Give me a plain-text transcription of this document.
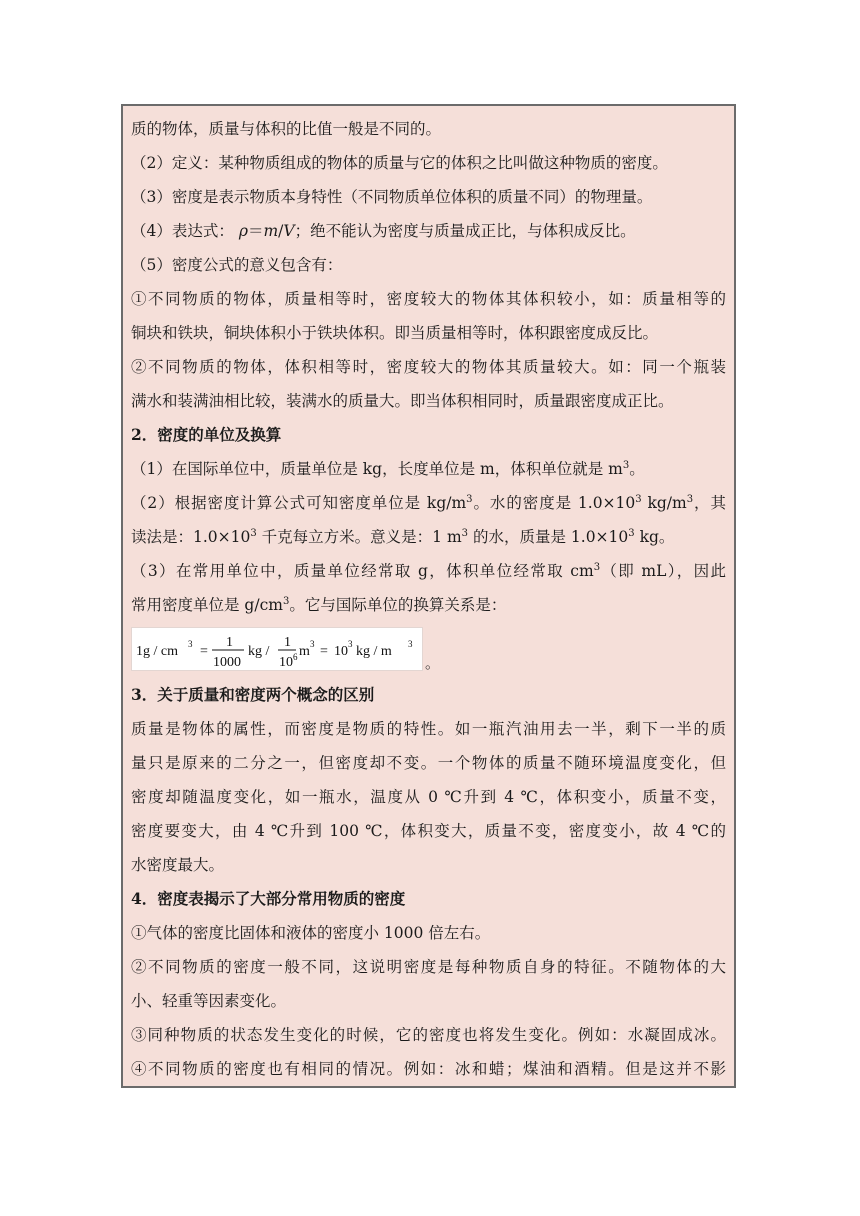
质的物体，质量与体积的比值一般是不同的。
（2）定义：某种物质组成的物体的质量与它的体积之比叫做这种物质的密度。
（3）密度是表示物质本身特性（不同物质单位体积的质量不同）的物理量。
（4）表达式： ρ＝m/V；绝不能认为密度与质量成正比，与体积成反比。
（5）密度公式的意义包含有：
①不同物质的物体，质量相等时，密度较大的物体其体积较小，如：质量相等的
铜块和铁块，铜块体积小于铁块体积。即当质量相等时，体积跟密度成反比。
②不同物质的物体，体积相等时，密度较大的物体其质量较大。如：同一个瓶装
满水和装满油相比较，装满水的质量大。即当体积相同时，质量跟密度成正比。
2．密度的单位及换算
（1）在国际单位中，质量单位是 kg，长度单位是 m，体积单位就是 $m^3$。
（2）根据密度计算公式可知密度单位是 $kg/m^3$。水的密度是 $1.0\times 10^3$ $kg/m^3$，其
读法是：$1.0\times 10^3$ 千克每立方米。意义是：1 $m^3$ 的水，质量是 $1.0\times 10^3$ kg。
（3）在常用单位中，质量单位经常取 g，体积单位经常取 $cm^3$（即 mL），因此
常用密度单位是 $g/cm^3$。它与国际单位的换算关系是：
1g / cm 3 =
1
1000
kg /
1
10 6 m 3 = 10 3 kg / m 3
。
3．关于质量和密度两个概念的区别
质量是物体的属性，而密度是物质的特性。如一瓶汽油用去一半，剩下一半的质
量只是原来的二分之一，但密度却不变。一个物体的质量不随环境温度变化，但
密度却随温度变化，如一瓶水，温度从 0 ℃升到 4 ℃，体积变小，质量不变，
密度要变大，由 4 ℃升到 100 ℃，体积变大，质量不变，密度变小，故 4 ℃的
水密度最大。
4．密度表揭示了大部分常用物质的密度
①气体的密度比固体和液体的密度小 1000 倍左右。
②不同物质的密度一般不同，这说明密度是每种物质自身的特征。不随物体的大
小、轻重等因素变化。
③同种物质的状态发生变化的时候，它的密度也将发生变化。例如：水凝固成冰。
④不同物质的密度也有相同的情况。例如：冰和蜡；煤油和酒精。但是这并不影
